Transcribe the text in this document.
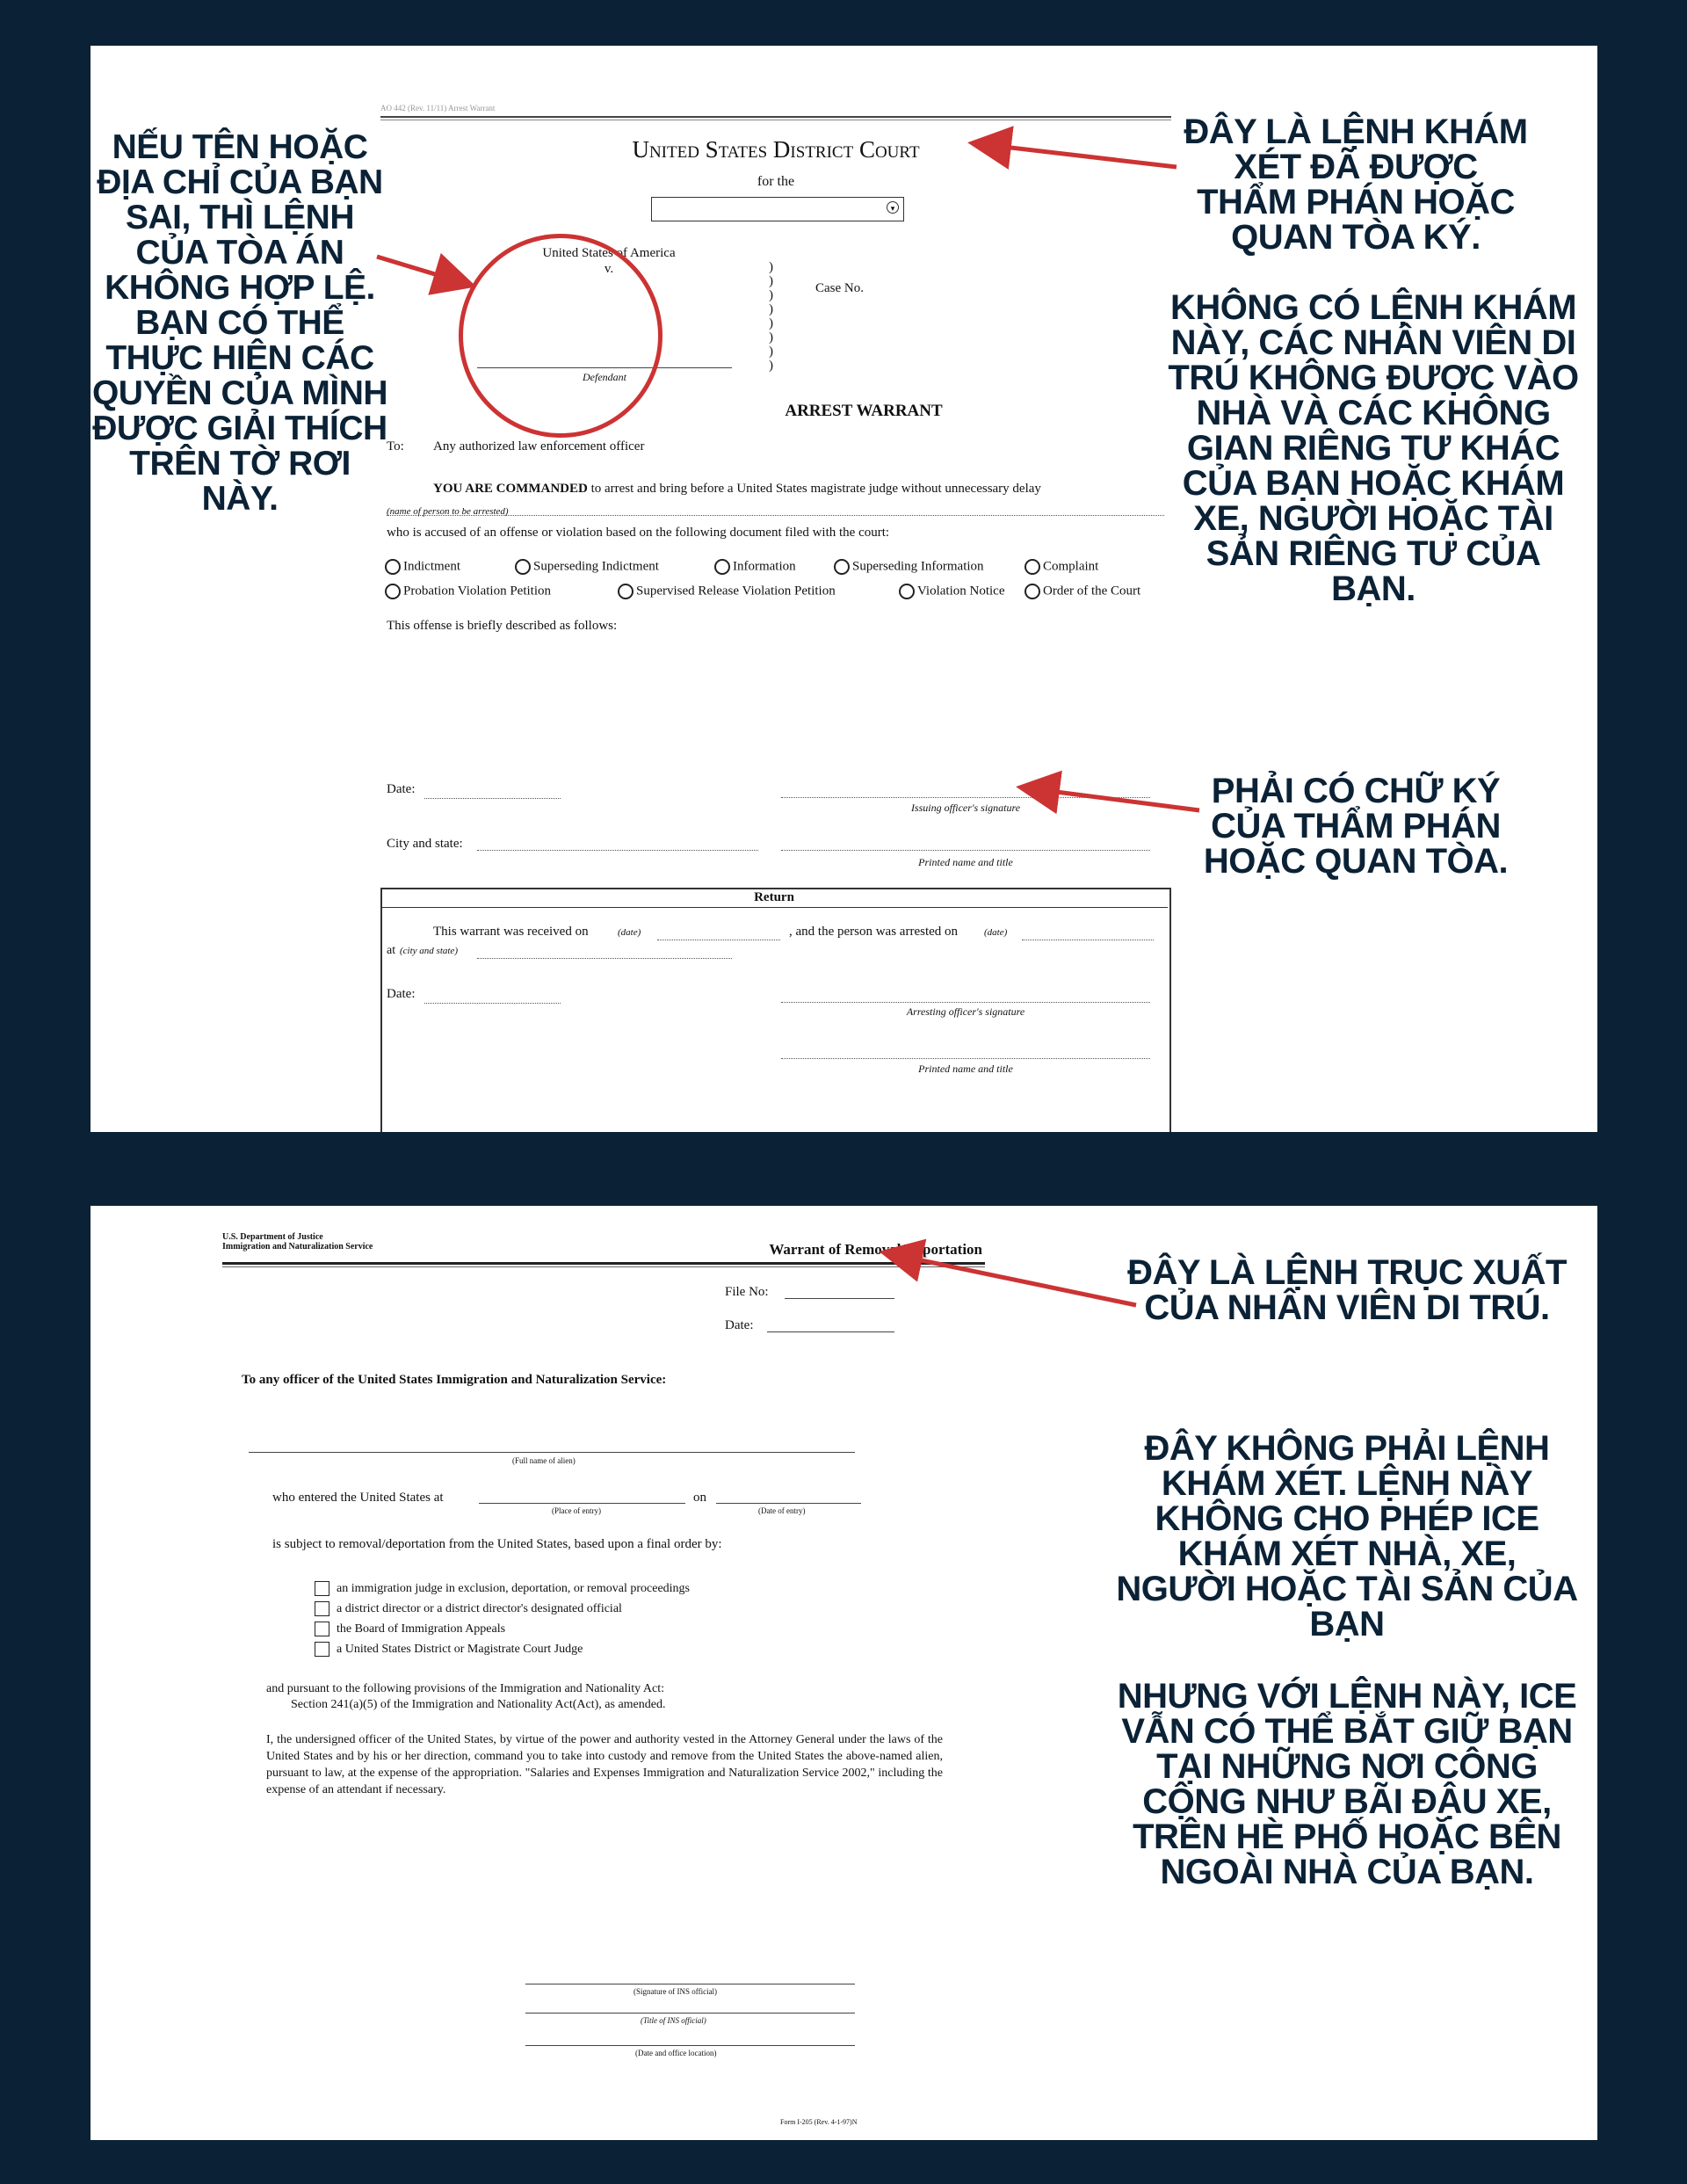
AO 442 (Rev. 11/11) Arrest Warrant
United States District Court
for the
▾
United States of America
v.
Defendant
)
)
)
)
)
)
)
)
Case No.
ARREST WARRANT
To: Any authorized law enforcement officer
YOU ARE COMMANDED to arrest and bring before a United States magistrate judge without unnecessary delay
(name of person to be arrested)
who is accused of an offense or violation based on the following document filed with the court:
Indictment	Superseding Indictment	Information	Superseding Information	Complaint
Probation Violation Petition	Supervised Release Violation Petition	Violation Notice	Order of the Court
This offense is briefly described as follows:
Date:
Issuing officer's signature
City and state:
Printed name and title
Return
This warrant was received on	(date)	, and the person was arrested on	(date)
at (city and state)
Date:
Arresting officer's signature
Printed name and title
NẾU TÊN HOẶC ĐỊA CHỈ CỦA BẠN SAI, THÌ LỆNH CỦA TÒA ÁN KHÔNG HỢP LỆ. BẠN CÓ THỂ THỰC HIỆN CÁC QUYỀN CỦA MÌNH ĐƯỢC GIẢI THÍCH TRÊN TỜ RƠI NÀY.
ĐÂY LÀ LỆNH KHÁM XÉT ĐÃ ĐƯỢC THẨM PHÁN HOẶC QUAN TÒA KÝ.
KHÔNG CÓ LỆNH KHÁM NÀY, CÁC NHÂN VIÊN DI TRÚ KHÔNG ĐƯỢC VÀO NHÀ VÀ CÁC KHÔNG GIAN RIÊNG TƯ KHÁC CỦA BẠN HOẶC KHÁM XE, NGƯỜI HOẶC TÀI SẢN RIÊNG TƯ CỦA BẠN.
PHẢI CÓ CHỮ KÝ CỦA THẨM PHÁN HOẶC QUAN TÒA.
U.S. Department of Justice
Immigration and Naturalization Service	Warrant of Removal/Deportation
File No:
Date:
To any officer of the United States Immigration and Naturalization Service:
(Full name of alien)
who entered the United States at
(Place of entry)
on
(Date of entry)
is subject to removal/deportation from the United States, based upon a final order by:
an immigration judge in exclusion, deportation, or removal proceedings
a district director or a district director's designated official
the Board of Immigration Appeals
a United States District or Magistrate Court Judge
and pursuant to the following provisions of the Immigration and Nationality Act:
Section 241(a)(5) of the Immigration and Nationality Act(Act), as amended.
I, the undersigned officer of the United States, by virtue of the power and authority vested in the Attorney General under the laws of the United States and by his or her direction, command you to take into custody and remove from the United States the above-named alien, pursuant to law, at the expense of the appropriation. "Salaries and Expenses Immigration and Naturalization Service 2002," including the expense of an attendant if necessary.
(Signature of INS official)
(Title of INS official)
(Date and office location)
Form I-205 (Rev. 4-1-97)N
ĐÂY LÀ LỆNH TRỤC XUẤT CỦA NHÂN VIÊN DI TRÚ.
ĐÂY KHÔNG PHẢI LỆNH KHÁM XÉT. LỆNH NÀY KHÔNG CHO PHÉP ICE KHÁM XÉT NHÀ, XE, NGƯỜI HOẶC TÀI SẢN CỦA BẠN
NHƯNG VỚI LỆNH NÀY, ICE VẪN CÓ THỂ BẮT GIỮ BẠN TẠI NHỮNG NƠI CÔNG CỘNG NHƯ BÃI ĐẬU XE, TRÊN HÈ PHỐ HOẶC BÊN NGOÀI NHÀ CỦA BẠN.
